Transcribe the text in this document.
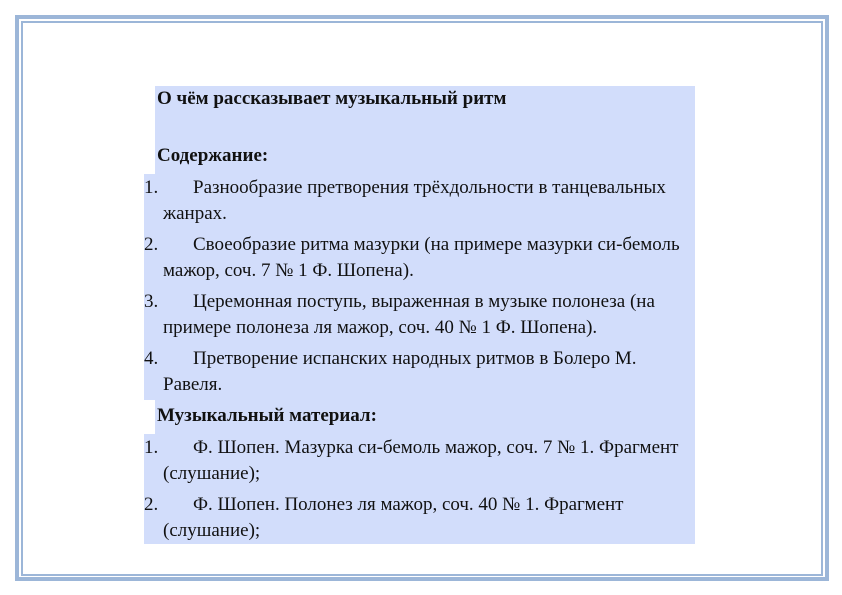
О чём рассказывает музыкальный ритм
Содержание:
1. Разнообразие претворения трёхдольности в танцевальных жанрах.
2. Своеобразие ритма мазурки (на примере мазурки си-бемоль мажор, соч. 7 № 1 Ф. Шопена).
3. Церемонная поступь, выраженная в музыке полонеза (на примере полонеза ля мажор, соч. 40 № 1 Ф. Шопена).
4. Претворение испанских народных ритмов в Болеро М. Равеля.
Музыкальный материал:
1. Ф. Шопен. Мазурка си-бемоль мажор, соч. 7 № 1. Фрагмент (слушание);
2. Ф. Шопен. Полонез ля мажор, соч. 40 № 1. Фрагмент (слушание);
